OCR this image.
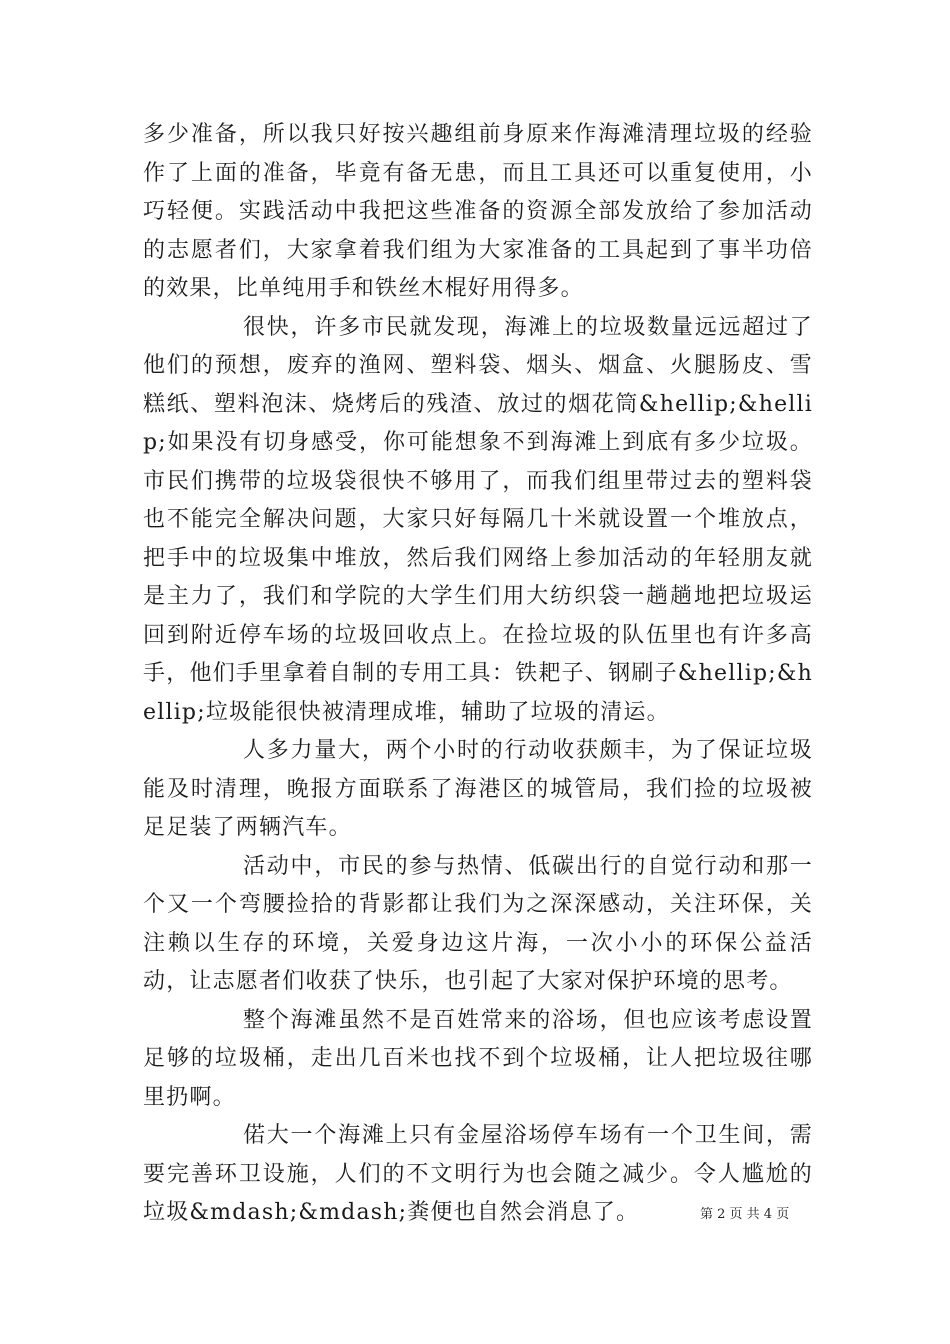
多少准备，所以我只好按兴趣组前身原来作海滩清理垃圾的经验作了上面的准备，毕竟有备无患，而且工具还可以重复使用，小巧轻便。实践活动中我把这些准备的资源全部发放给了参加活动的志愿者们，大家拿着我们组为大家准备的工具起到了事半功倍的效果，比单纯用手和铁丝木棍好用得多。

很快，许多市民就发现，海滩上的垃圾数量远远超过了他们的预想，废弃的渔网、塑料袋、烟头、烟盒、火腿肠皮、雪糕纸、塑料泡沫、烧烤后的残渣、放过的烟花筒&hellip;&hellip;如果没有切身感受，你可能想象不到海滩上到底有多少垃圾。市民们携带的垃圾袋很快不够用了，而我们组里带过去的塑料袋也不能完全解决问题，大家只好每隔几十米就设置一个堆放点，把手中的垃圾集中堆放，然后我们网络上参加活动的年轻朋友就是主力了，我们和学院的大学生们用大纺织袋一趟趟地把垃圾运回到附近停车场的垃圾回收点上。在捡垃圾的队伍里也有许多高手，他们手里拿着自制的专用工具：铁耙子、钢刷子&hellip;&hellip;垃圾能很快被清理成堆，辅助了垃圾的清运。

人多力量大，两个小时的行动收获颇丰，为了保证垃圾能及时清理，晚报方面联系了海港区的城管局，我们捡的垃圾被足足装了两辆汽车。

活动中，市民的参与热情、低碳出行的自觉行动和那一个又一个弯腰捡拾的背影都让我们为之深深感动，关注环保，关注赖以生存的环境，关爱身边这片海，一次小小的环保公益活动，让志愿者们收获了快乐，也引起了大家对保护环境的思考。

整个海滩虽然不是百姓常来的浴场，但也应该考虑设置足够的垃圾桶，走出几百米也找不到个垃圾桶，让人把垃圾往哪里扔啊。

偌大一个海滩上只有金屋浴场停车场有一个卫生间，需要完善环卫设施，人们的不文明行为也会随之减少。令人尴尬的垃圾&mdash;&mdash;粪便也自然会消息了。	第 2 页 共 4 页
